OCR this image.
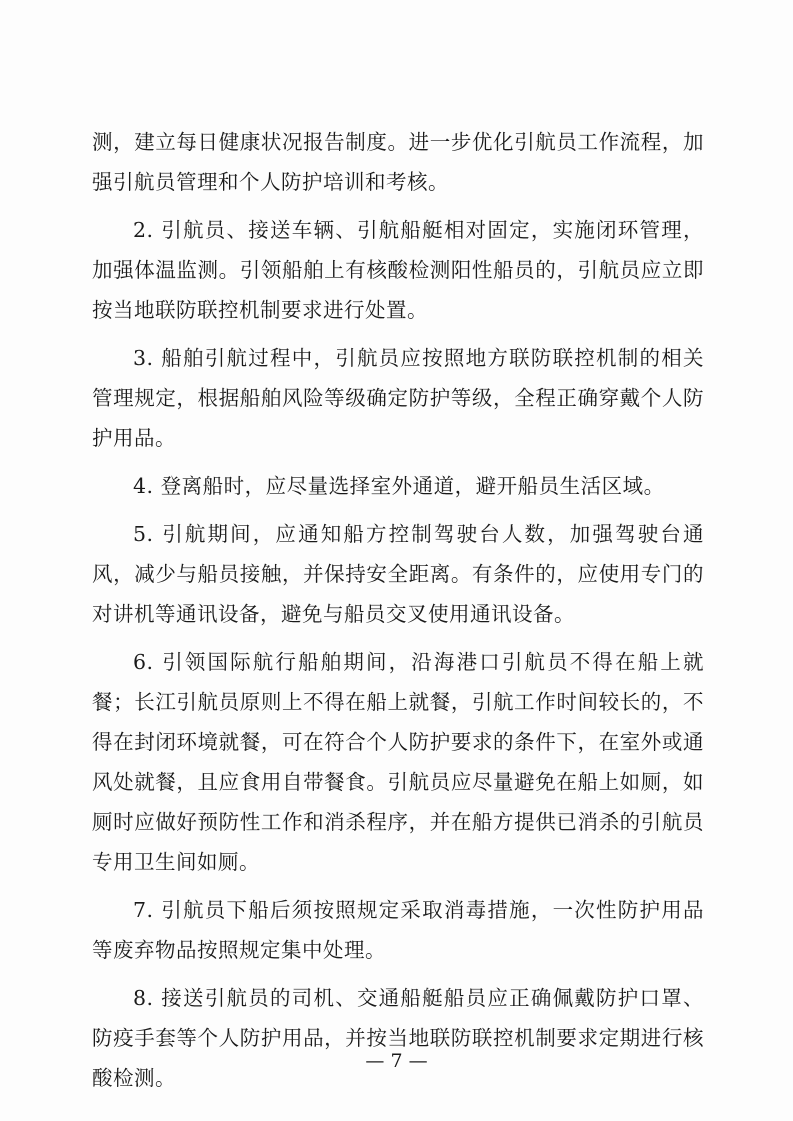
测，建立每日健康状况报告制度。进一步优化引航员工作流程，加强引航员管理和个人防护培训和考核。

2. 引航员、接送车辆、引航船艇相对固定，实施闭环管理，加强体温监测。引领船舶上有核酸检测阳性船员的，引航员应立即按当地联防联控机制要求进行处置。

3. 船舶引航过程中，引航员应按照地方联防联控机制的相关管理规定，根据船舶风险等级确定防护等级，全程正确穿戴个人防护用品。

4. 登离船时，应尽量选择室外通道，避开船员生活区域。

5. 引航期间，应通知船方控制驾驶台人数，加强驾驶台通风，减少与船员接触，并保持安全距离。有条件的，应使用专门的对讲机等通讯设备，避免与船员交叉使用通讯设备。

6. 引领国际航行船舶期间，沿海港口引航员不得在船上就餐；长江引航员原则上不得在船上就餐，引航工作时间较长的，不得在封闭环境就餐，可在符合个人防护要求的条件下，在室外或通风处就餐，且应食用自带餐食。引航员应尽量避免在船上如厕，如厕时应做好预防性工作和消杀程序，并在船方提供已消杀的引航员专用卫生间如厕。

7. 引航员下船后须按照规定采取消毒措施，一次性防护用品等废弃物品按照规定集中处理。

8. 接送引航员的司机、交通船艇船员应正确佩戴防护口罩、防疫手套等个人防护用品，并按当地联防联控机制要求定期进行核酸检测。

— 7 —
